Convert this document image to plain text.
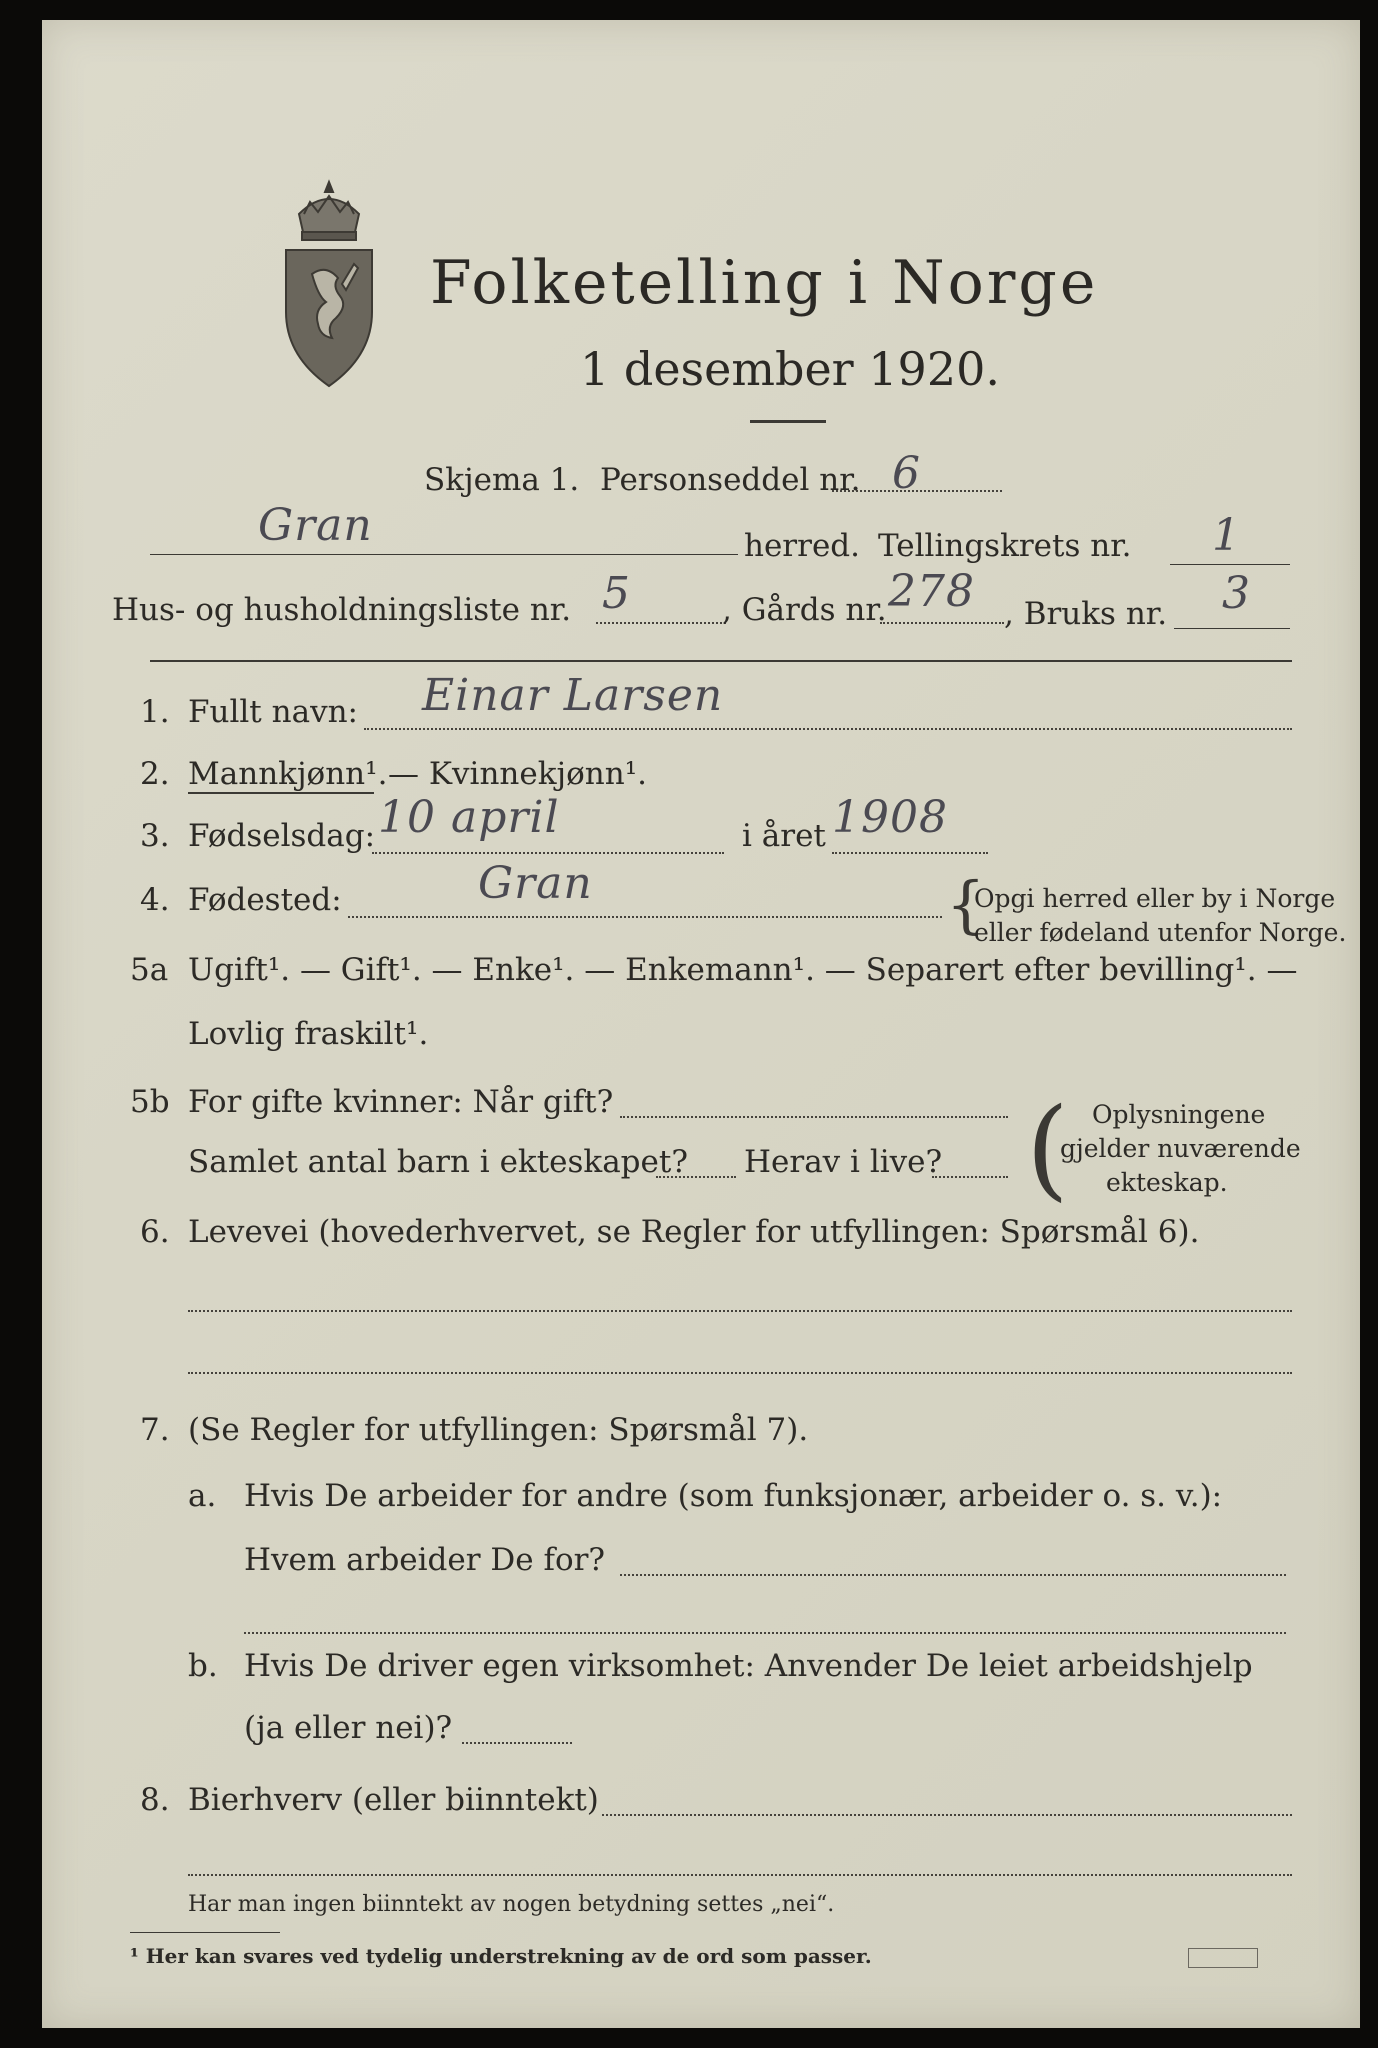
Folketelling i Norge
1 desember 1920.
Skjema 1. Personseddel nr. 6
Gran	herred. Tellingskrets nr. 1
Hus- og husholdningsliste nr. 5	, Gårds nr. 278 , Bruks nr. 3
1. Fullt navn: Einar Larsen
2. Mannkjønn¹. — Kvinnekjønn¹.
3. Fødselsdag: 10 april	i året 1908
4. Fødested:	Gran	{
Opgi herred eller by i Norge
eller fødeland utenfor Norge.
5a Ugift¹. — Gift¹. — Enke¹. — Enkemann¹. — Separert efter bevilling¹. —
Lovlig fraskilt¹.
5b For gifte kvinner: Når gift?
Samlet antal barn i ekteskapet? Herav i live? ( Oplysningene
gjelder nuværende
ekteskap.
6. Levevei (hovederhvervet, se Regler for utfyllingen: Spørsmål 6).
7. (Se Regler for utfyllingen: Spørsmål 7).
a. Hvis De arbeider for andre (som funksjonær, arbeider o. s. v.):
Hvem arbeider De for?
b. Hvis De driver egen virksomhet: Anvender De leiet arbeidshjelp
(ja eller nei)?
8. Bierhverv (eller biinntekt)
Har man ingen biinntekt av nogen betydning settes „nei“.
¹ Her kan svares ved tydelig understrekning av de ord som passer.
